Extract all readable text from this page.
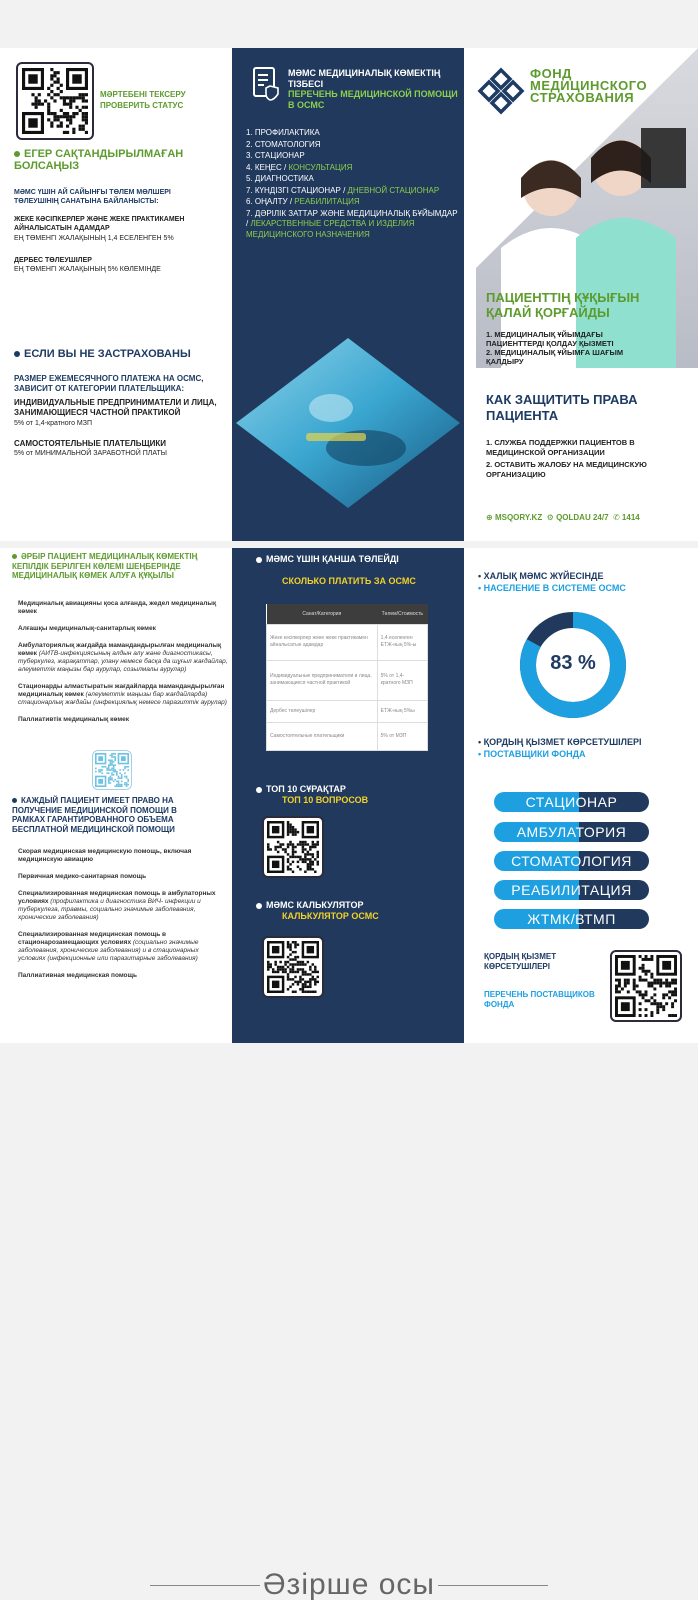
МӘРТЕБЕНІ ТЕКСЕРУ
ПРОВЕРИТЬ СТАТУС
ЕГЕР САҚТАНДЫРЫЛМАҒАН БОЛСАҢЫЗ
МӘМС ҮШІН АЙ САЙЫНҒЫ ТӨЛЕМ МӨЛШЕРІ
ТӨЛЕУШІНІҢ САНАТЫНА БАЙЛАНЫСТЫ:
ЖЕКЕ КӘСІПКЕРЛЕР ЖӘНЕ ЖЕКЕ ПРАКТИКАМЕН АЙНАЛЫСАТЫН АДАМДАР
ЕҢ ТӨМЕНГІ ЖАЛАҚЫНЫҢ 1,4 ЕСЕЛЕНГЕН 5%
ДЕРБЕС ТӨЛЕУШІЛЕР
ЕҢ ТӨМЕНГІ ЖАЛАҚЫНЫҢ 5% КӨЛЕМІНДЕ
ЕСЛИ ВЫ НЕ ЗАСТРАХОВАНЫ
РАЗМЕР ЕЖЕМЕСЯЧНОГО ПЛАТЕЖА НА ОСМС, ЗАВИСИТ ОТ КАТЕГОРИИ ПЛАТЕЛЬЩИКА:
ИНДИВИДУАЛЬНЫЕ ПРЕДПРИНИМАТЕЛИ И ЛИЦА, ЗАНИМАЮЩИЕСЯ ЧАСТНОЙ ПРАКТИКОЙ
5% от 1,4-кратного МЗП
САМОСТОЯТЕЛЬНЫЕ ПЛАТЕЛЬЩИКИ
5% от МИНИМАЛЬНОЙ ЗАРАБОТНОЙ ПЛАТЫ
МӘМС МЕДИЦИНАЛЫҚ КӨМЕКТІҢ ТІЗБЕСІ
ПЕРЕЧЕНЬ МЕДИЦИНСКОЙ ПОМОЩИ В ОСМС
1. ПРОФИЛАКТИКА
2. СТОМАТОЛОГИЯ
3. СТАЦИОНАР
4. КЕҢЕС / КОНСУЛЬТАЦИЯ
5. ДИАГНОСТИКА
7. КҮНДІЗГІ СТАЦИОНАР / ДНЕВНОЙ СТАЦИОНАР
6. ОҢАЛТУ / РЕАБИЛИТАЦИЯ
7. ДӘРІЛІК ЗАТТАР ЖӘНЕ МЕДИЦИНАЛЫҚ БҰЙЫМДАР / ЛЕКАРСТВЕННЫЕ СРЕДСТВА И ИЗДЕЛИЯ МЕДИЦИНСКОГО НАЗНАЧЕНИЯ
ФОНД
МЕДИЦИНСКОГО
СТРАХОВАНИЯ
ПАЦИЕНТТІҢ ҚҰҚЫҒЫН ҚАЛАЙ ҚОРҒАЙДЫ
1. МЕДИЦИНАЛЫҚ ҰЙЫМДАҒЫ ПАЦИЕНТТЕРДІ ҚОЛДАУ ҚЫЗМЕТІ
2. МЕДИЦИНАЛЫҚ ҰЙЫМҒА ШАҒЫМ ҚАЛДЫРУ
КАК ЗАЩИТИТЬ ПРАВА ПАЦИЕНТА
1. СЛУЖБА ПОДДЕРЖКИ ПАЦИЕНТОВ В МЕДИЦИНСКОЙ ОРГАНИЗАЦИИ
2. ОСТАВИТЬ ЖАЛОБУ НА МЕДИЦИНСКУЮ ОРГАНИЗАЦИЮ
⊕ MSQORY.KZ ⚙ QOLDAU 24/7 ✆ 1414
ӘРБІР ПАЦИЕНТ МЕДИЦИНАЛЫҚ КӨМЕКТІҢ КЕПІЛДІК БЕРІЛГЕН КӨЛЕМІ ШЕҢБЕРІНДЕ МЕДИЦИНАЛЫҚ КӨМЕК АЛУҒА ҚҰҚЫЛЫ
Медициналық авиацияны қоса алғанда, жедел медициналық көмек
Алғашқы медициналық-санитарлық көмек
Амбулаториялық жағдайда мамандандырылған медициналық көмек (АИТВ-инфекциясының алдын алу және диагностикасы, туберкулез, жарақаттар, улану немесе басқа да шұғыл жағдайлар, әлеуметтік маңызы бар аурулар, созылмалы аурулар)
Стационарды алмастыратын жағдайларда мамандандырылған медициналық көмек (әлеуметтік маңызы бар жағдайларда) стационарлық жағдайы (инфекциялық немесе паразиттік аурулар)
Паллиативтік медициналық көмек
КАЖДЫЙ ПАЦИЕНТ ИМЕЕТ ПРАВО НА ПОЛУЧЕНИЕ МЕДИЦИНСКОЙ ПОМОЩИ В РАМКАХ ГАРАНТИРОВАННОГО ОБЪЕМА БЕСПЛАТНОЙ МЕДИЦИНСКОЙ ПОМОЩИ
Скорая медицинская медицинскую помощь, включая медицинскую авиацию
Первичная медико-санитарная помощь
Специализированная медицинская помощь в амбулаторных условиях (профилактика и диагностика ВИЧ- инфекции и туберкулеза, травмы, социально значимые заболевания, хронические заболевания)
Специализированная медицинская помощь в стационарозамещающих условиях (социально значимые заболевания, хронические заболевания) и в стационарных условиях (инфекционные или паразитарные заболевания)
Паллиативная медицинская помощь
МӘМС ҮШІН ҚАНША ТӨЛЕЙДІ
СКОЛЬКО ПЛАТИТЬ ЗА ОСМС
Санат/Категория	Төлем/Стоимость
Жеке кәсіпкерлер және жеке практикамен айналысатын адамдар	1,4 еселенген ЕТЖ-ның 5%-ы
Индивидуальные предприниматели и лица, занимающиеся частной практикой	5% от 1,4-кратного МЗП
Дербес төлеушілер	ЕТЖ-ның 5%ы
Самостоятельные плательщики	5% от МЗП
ТОП 10 СҰРАҚТАР
ТОП 10 ВОПРОСОВ
МӘМС КАЛЬКУЛЯТОР
КАЛЬКУЛЯТОР ОСМС
• ХАЛЫҚ МӘМС ЖҮЙЕСІНДЕ
• НАСЕЛЕНИЕ В СИСТЕМЕ ОСМС
83 %
• ҚОРДЫҢ ҚЫЗМЕТ КӨРСЕТУШІЛЕРІ
• ПОСТАВЩИКИ ФОНДА
СТАЦИОНАР
АМБУЛАТОРИЯ
СТОМАТОЛОГИЯ
РЕАБИЛИТАЦИЯ
ЖТМК/ВТМП
ҚОРДЫҢ ҚЫЗМЕТ КӨРСЕТУШІЛЕРІ
ПЕРЕЧЕНЬ ПОСТАВЩИКОВ ФОНДА
Әзірше осы
